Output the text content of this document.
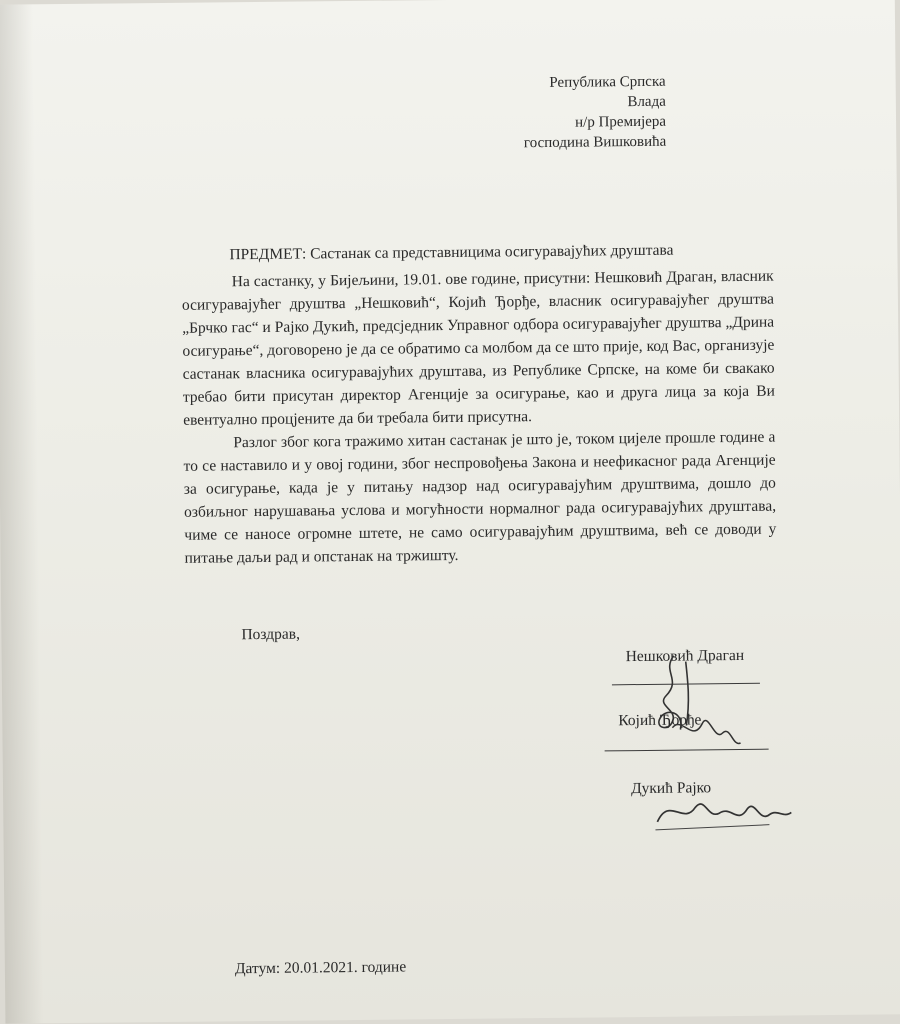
Република Српска
Влада
н/р Премијера
господина Вишковића
ПРЕДМЕТ: Састанак са представницима осигуравајућих друштава

На састанку, у Бијељини, 19.01. ове године, присутни: Нешковић Драган, власник осигуравајућег друштва „Нешковић“, Којић Ђорђе, власник осигуравајућег друштва „Брчко гас“ и Рајко Дукић, предсједник Управног одбора осигуравајућег друштва „Дрина осигурање“, договорено је да се обратимо са молбом да се што прије, код Вас, организује састанак власника осигуравајућих друштава, из Републике Српске, на коме би свакако требао бити присутан директор Агенције за осигурање, као и друга лица за која Ви евентуално процјените да би требала бити присутна.

Разлог због кога тражимо хитан састанак је што је, током цијеле прошле године а то се наставило и у овој години, због неспровођења Закона и неефикасног рада Агенције за осигурање, када је у питању надзор над осигуравајућим друштвима, дошло до озбиљног нарушавања услова и могућности нормалног рада осигуравајућих друштава, чиме се наносе огромне штете, не само осигуравајућим друштвима, већ се доводи у питање даљи рад и опстанак на тржишту.

Поздрав,
Нешковић Драган
Којић Ђорђе
Дукић Рајко
Датум: 20.01.2021. године
